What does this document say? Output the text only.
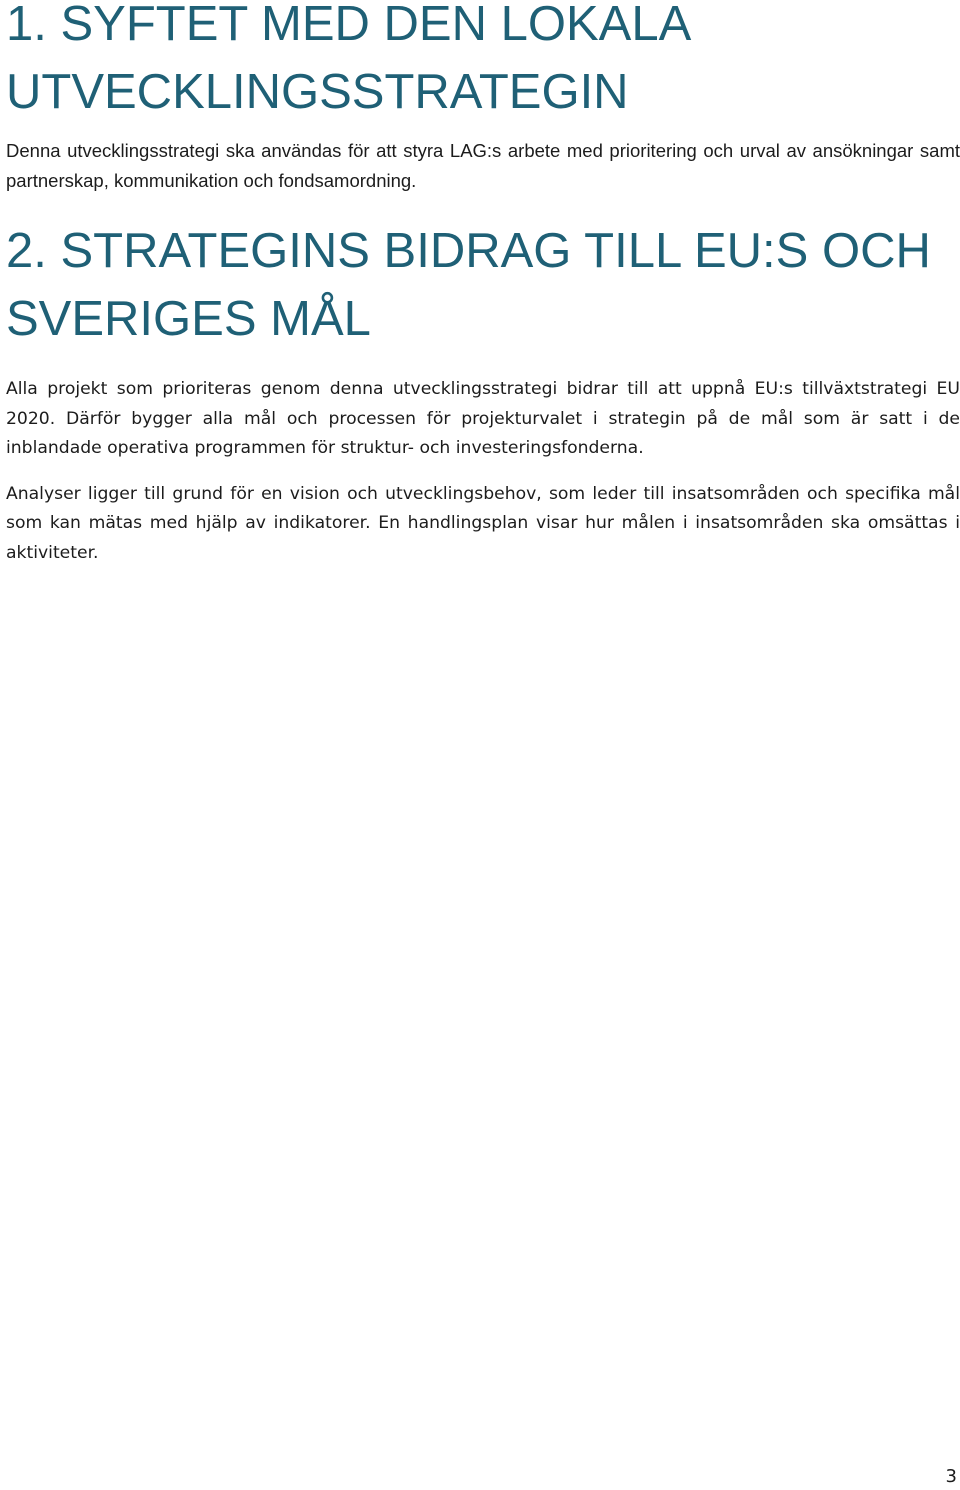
1. SYFTET MED DEN LOKALA UTVECKLINGSSTRATEGIN

Denna utvecklingsstrategi ska användas för att styra LAG:s arbete med prioritering och urval av ansökningar samt partnerskap, kommunikation och fondsamordning.

2. STRATEGINS BIDRAG TILL EU:S OCH SVERIGES MÅL

Alla projekt som prioriteras genom denna utvecklingsstrategi bidrar till att uppnå EU:s tillväxtstrategi EU 2020. Därför bygger alla mål och processen för projekturvalet i strategin på de mål som är satt i de inblandade operativa programmen för struktur- och investeringsfonderna.

Analyser ligger till grund för en vision och utvecklingsbehov, som leder till insatsområden och specifika mål som kan mätas med hjälp av indikatorer. En handlingsplan visar hur målen i insatsområden ska omsättas i aktiviteter.

3
